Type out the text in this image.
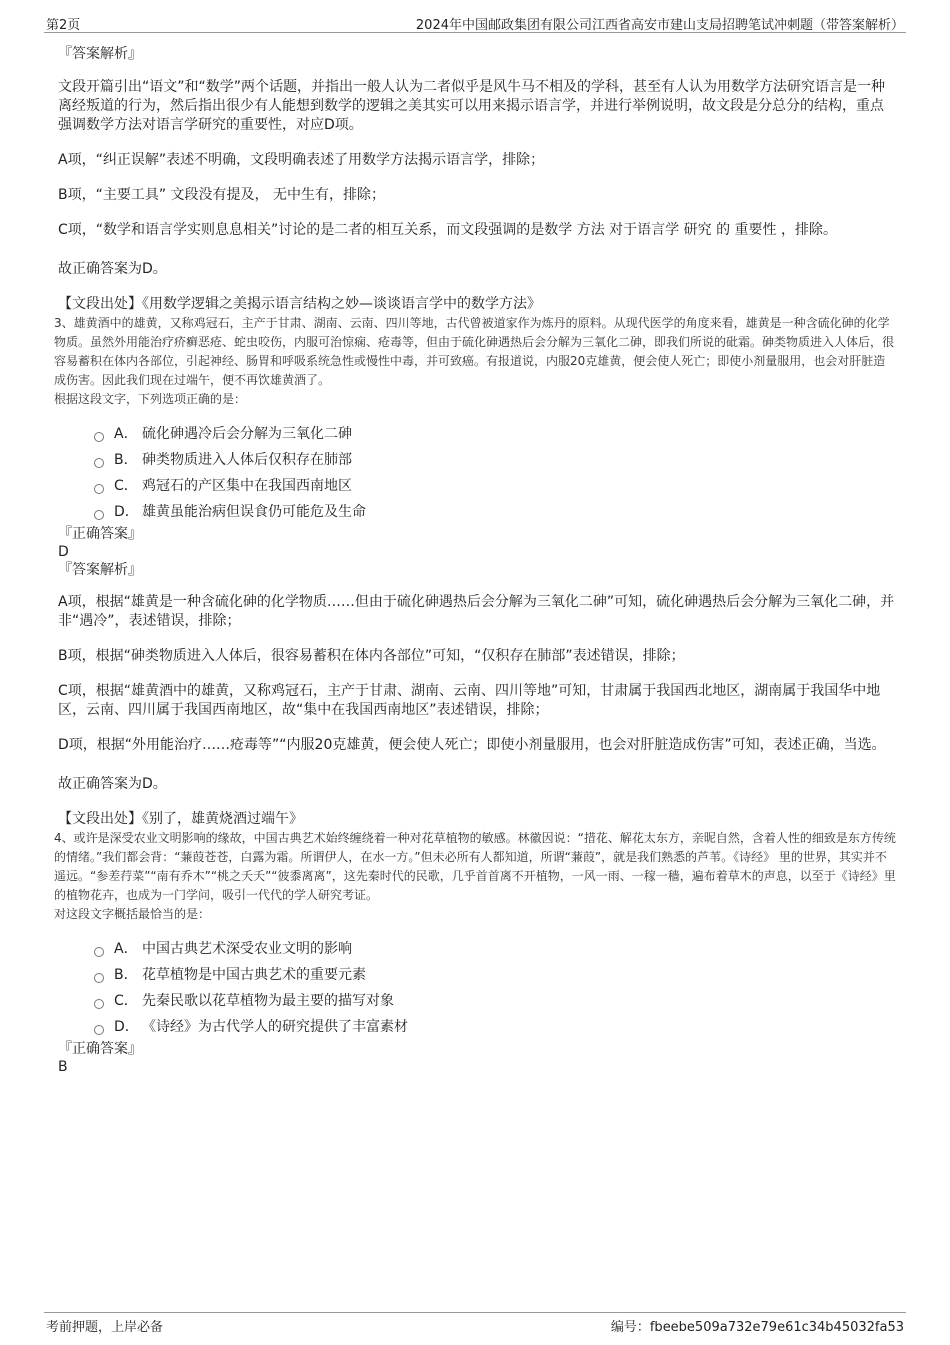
第2页	2024年中国邮政集团有限公司江西省高安市建山支局招聘笔试冲刺题（带答案解析）

『答案解析』

文段开篇引出“语文”和“数学”两个话题，并指出一般人认为二者似乎是风牛马不相及的学科，甚至有人认为用数学方法研究语言是一种离经叛道的行为，然后指出很少有人能想到数学的逻辑之美其实可以用来揭示语言学，并进行举例说明，故文段是分总分的结构，重点强调数学方法对语言学研究的重要性，对应D项。

A项，“纠正误解”表述不明确，文段明确表述了用数学方法揭示语言学，排除；

B项，“主要工具” 文段没有提及， 无中生有，排除；

C项，“数学和语言学实则息息相关”讨论的是二者的相互关系，而文段强调的是数学 方法 对于语言学 研究 的 重要性 ，排除。

故正确答案为D。

【文段出处】《用数学逻辑之美揭示语言结构之妙—谈谈语言学中的数学方法》

3、雄黄酒中的雄黄，又称鸡冠石，主产于甘肃、湖南、云南、四川等地，古代曾被道家作为炼丹的原料。从现代医学的角度来看，雄黄是一种含硫化砷的化学物质。虽然外用能治疗疥癣恶疮、蛇虫咬伤，内服可治惊痫、疮毒等，但由于硫化砷遇热后会分解为三氧化二砷，即我们所说的砒霜。砷类物质进入人体后，很容易蓄积在体内各部位，引起神经、肠胃和呼吸系统急性或慢性中毒，并可致癌。有报道说，内服20克雄黄，便会使人死亡；即使小剂量服用，也会对肝脏造成伤害。因此我们现在过端午，便不再饮雄黄酒了。

根据这段文字，下列选项正确的是：

A． 硫化砷遇冷后会分解为三氧化二砷
B． 砷类物质进入人体后仅积存在肺部
C． 鸡冠石的产区集中在我国西南地区
D． 雄黄虽能治病但误食仍可能危及生命

『正确答案』

D

『答案解析』

A项，根据“雄黄是一种含硫化砷的化学物质……但由于硫化砷遇热后会分解为三氧化二砷”可知，硫化砷遇热后会分解为三氧化二砷，并非“遇冷”，表述错误，排除；

B项，根据“砷类物质进入人体后，很容易蓄积在体内各部位”可知，“仅积存在肺部”表述错误，排除；

C项，根据“雄黄酒中的雄黄，又称鸡冠石，主产于甘肃、湖南、云南、四川等地”可知，甘肃属于我国西北地区，湖南属于我国华中地区，云南、四川属于我国西南地区，故“集中在我国西南地区”表述错误，排除；

D项，根据“外用能治疗……疮毒等”“内服20克雄黄，便会使人死亡；即使小剂量服用，也会对肝脏造成伤害”可知，表述正确，当选。

故正确答案为D。

【文段出处】《别了，雄黄烧酒过端午》

4、或许是深受农业文明影响的缘故，中国古典艺术始终缠绕着一种对花草植物的敏感。林徽因说：“措花、解花太东方，亲昵自然，含着人性的细致是东方传统的情绪。”我们都会背：“蒹葭苍苍，白露为霜。所谓伊人，在水一方。”但未必所有人都知道，所谓“蒹葭”，就是我们熟悉的芦苇。《诗经》 里的世界，其实并不遥远。“参差荇菜”“南有乔木”“桃之夭夭”“彼黍离离”，这先秦时代的民歌，几乎首首离不开植物，一风一雨、一稼一穑，遍布着草木的声息，以至于《诗经》里的植物花卉，也成为一门学问，吸引一代代的学人研究考证。

对这段文字概括最恰当的是：

A． 中国古典艺术深受农业文明的影响
B． 花草植物是中国古典艺术的重要元素
C． 先秦民歌以花草植物为最主要的描写对象
D． 《诗经》为古代学人的研究提供了丰富素材

『正确答案』

B

考前押题，上岸必备	编号：fbeebe509a732e79e61c34b45032fa53
